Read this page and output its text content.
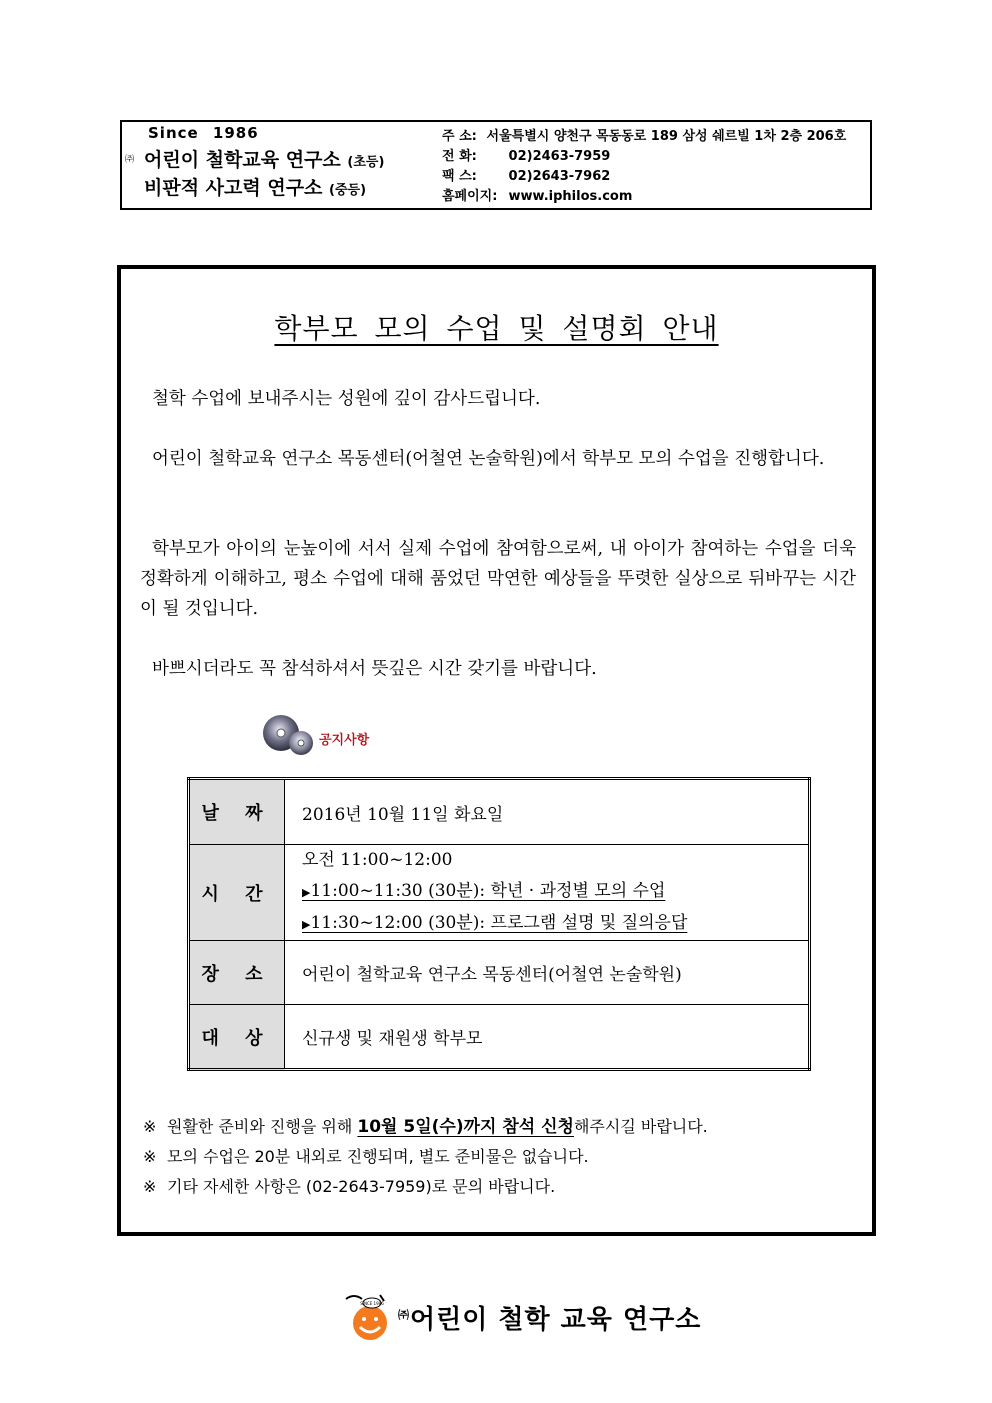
Since 1986
㈜ 어린이 철학교육 연구소 (초등)
비판적 사고력 연구소 (중등)
주 소: 서울특별시 양천구 목동동로 189 삼성 쉐르빌 1차 2층 206호
전 화: 02)2463-7959
팩 스: 02)2643-7962
홈페이지: www.iphilos.com
학부모 모의 수업 및 설명회 안내
철학 수업에 보내주시는 성원에 깊이 감사드립니다.
어린이 철학교육 연구소 목동센터(어철연 논술학원)에서 학부모 모의 수업을 진행합니다.
학부모가 아이의 눈높이에 서서 실제 수업에 참여함으로써, 내 아이가 참여하는 수업을 더욱 정확하게 이해하고, 평소 수업에 대해 품었던 막연한 예상들을 뚜렷한 실상으로 뒤바꾸는 시간이 될 것입니다.
바쁘시더라도 꼭 참석하셔서 뜻깊은 시간 갖기를 바랍니다.
공지사항
날 짜	2016년 10월 11일 화요일
시 간	오전 11:00~12:00
▶11:00~11:30 (30분): 학년 · 과정별 모의 수업
▶11:30~12:00 (30분): 프로그램 설명 및 질의응답

장 소	어린이 철학교육 연구소 목동센터(어철연 논술학원)
대 상	신규생 및 재원생 학부모
※ 원활한 준비와 진행을 위해 10월 5일(수)까지 참석 신청해주시길 바랍니다.
※ 모의 수업은 20분 내외로 진행되며, 별도 준비물은 없습니다.
※ 기타 자세한 사항은 (02-2643-7959)로 문의 바랍니다.
SINCE 1986
㈜어린이 철학 교육 연구소
